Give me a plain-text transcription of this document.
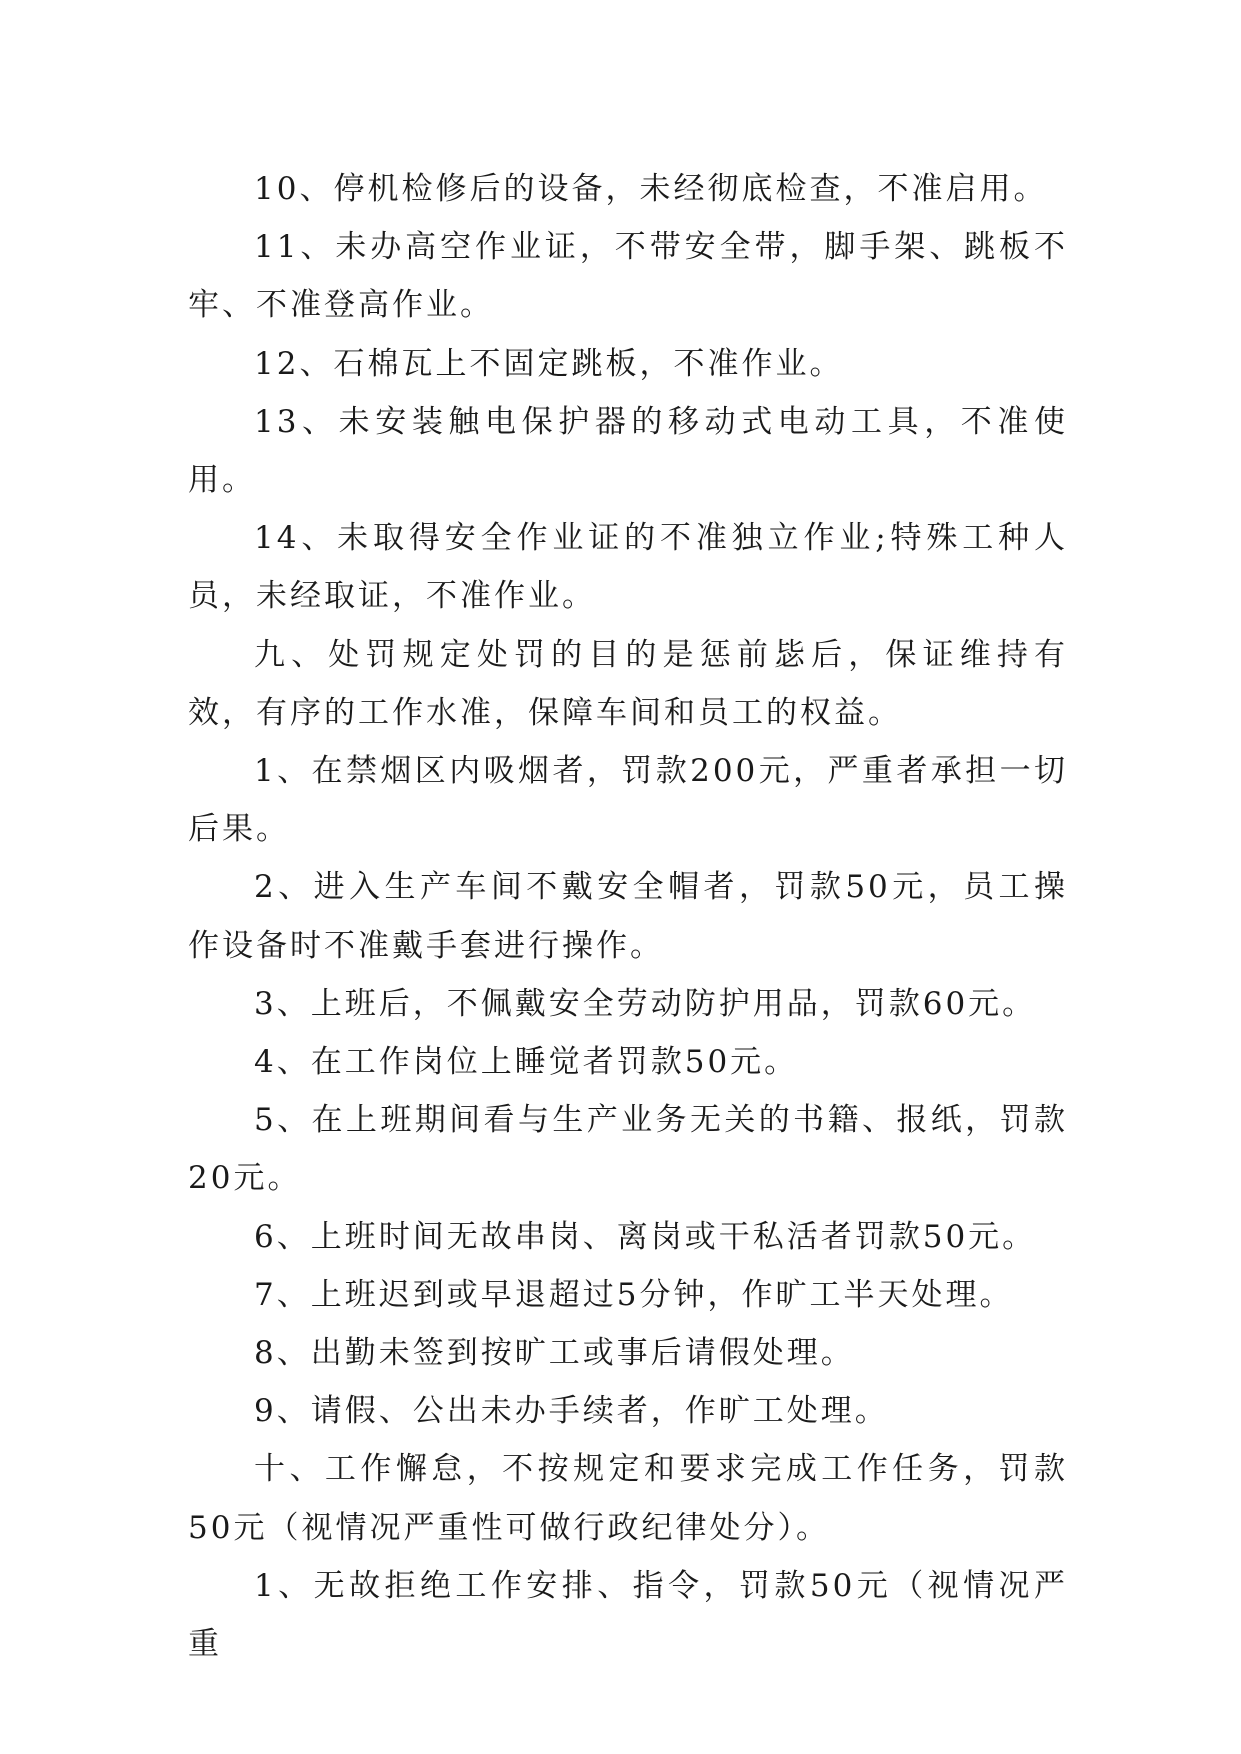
10、停机检修后的设备，未经彻底检查，不准启用。

11、未办高空作业证，不带安全带，脚手架、跳板不牢、不准登高作业。

12、石棉瓦上不固定跳板，不准作业。

13、未安装触电保护器的移动式电动工具，不准使用。

14、未取得安全作业证的不准独立作业;特殊工种人员，未经取证，不准作业。

九、处罚规定处罚的目的是惩前毖后，保证维持有效，有序的工作水准，保障车间和员工的权益。

1、在禁烟区内吸烟者，罚款200元，严重者承担一切后果。

2、进入生产车间不戴安全帽者，罚款50元，员工操作设备时不准戴手套进行操作。

3、上班后，不佩戴安全劳动防护用品，罚款60元。

4、在工作岗位上睡觉者罚款50元。

5、在上班期间看与生产业务无关的书籍、报纸，罚款20元。

6、上班时间无故串岗、离岗或干私活者罚款50元。

7、上班迟到或早退超过5分钟，作旷工半天处理。

8、出勤未签到按旷工或事后请假处理。

9、请假、公出未办手续者，作旷工处理。

十、工作懈怠，不按规定和要求完成工作任务，罚款50元（视情况严重性可做行政纪律处分）。

1、无故拒绝工作安排、指令，罚款50元（视情况严重
